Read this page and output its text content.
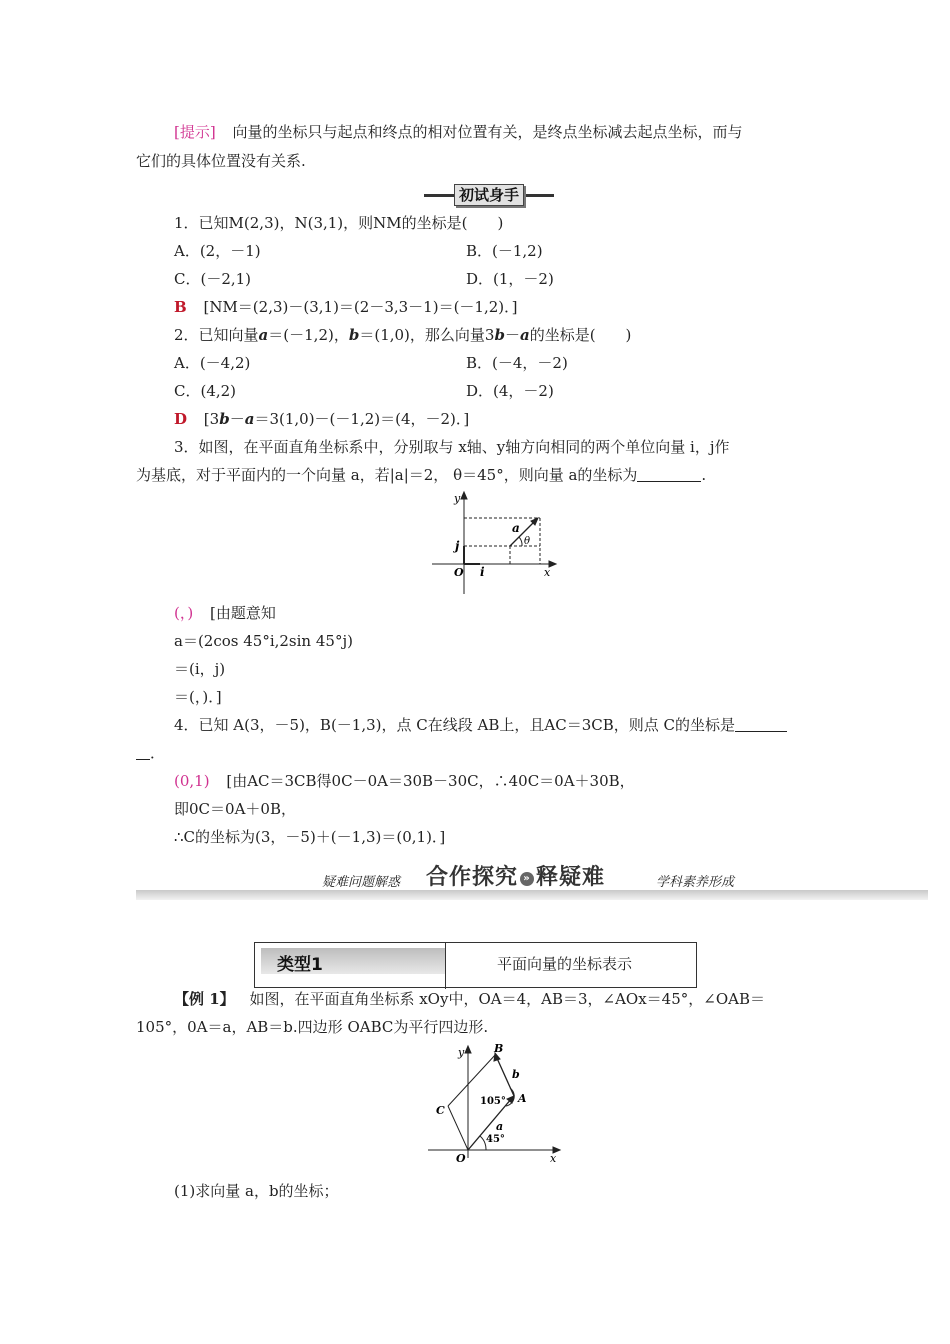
[提示] 向量的坐标只与起点和终点的相对位置有关，是终点坐标减去起点坐标，而与
它们的具体位置没有关系.
初试身手
1．已知M(2,3)，N(3,1)，则NM的坐标是(　　)
A．(2，－1)	B．(－1,2)
C．(－2,1)	D．(1，－2)
B [NM＝(2,3)－(3,1)＝(2－3,3－1)＝(－1,2)．]
2．已知向量a＝(－1,2)，b＝(1,0)，那么向量3b－a的坐标是(　　)
A．(－4,2)	B．(－4，－2)
C．(4,2)	D．(4，－2)
D [3b－a＝3(1,0)－(－1,2)＝(4，－2)．]
3．如图，在平面直角坐标系中，分别取与 x轴、y轴方向相同的两个单位向量 i，j作
为基底，对于平面内的一个向量 a，若|a|＝2， θ＝45°，则向量 a的坐标为	.
y
x
O i
j
a
θ
(，) [由题意知
a＝(2cos 45°i,2sin 45°j)
＝(i，j)
＝(，)．]
4．已知 A(3，－5)，B(－1,3)，点 C在线段 AB上，且AC＝3CB，则点 C的坐标是
．
(0,1) [由AC＝3CB得0C－0A＝30B－30C，∴40C＝0A＋30B，
即0C＝0A＋0B，
∴C的坐标为(3，－5)＋(－1,3)＝(0,1)．]
疑难问题解惑 合作探究 » 释疑难	学科素养形成
类型1	平面向量的坐标表示
【例 1】 如图，在平面直角坐标系 xOy中，OA＝4，AB＝3，∠AOx＝45°，∠OAB＝
105°，0A＝a，AB＝b.四边形 OABC为平行四边形.
y
x
O
A
B
C
a
b
105°
45°
(1)求向量 a，b的坐标；
